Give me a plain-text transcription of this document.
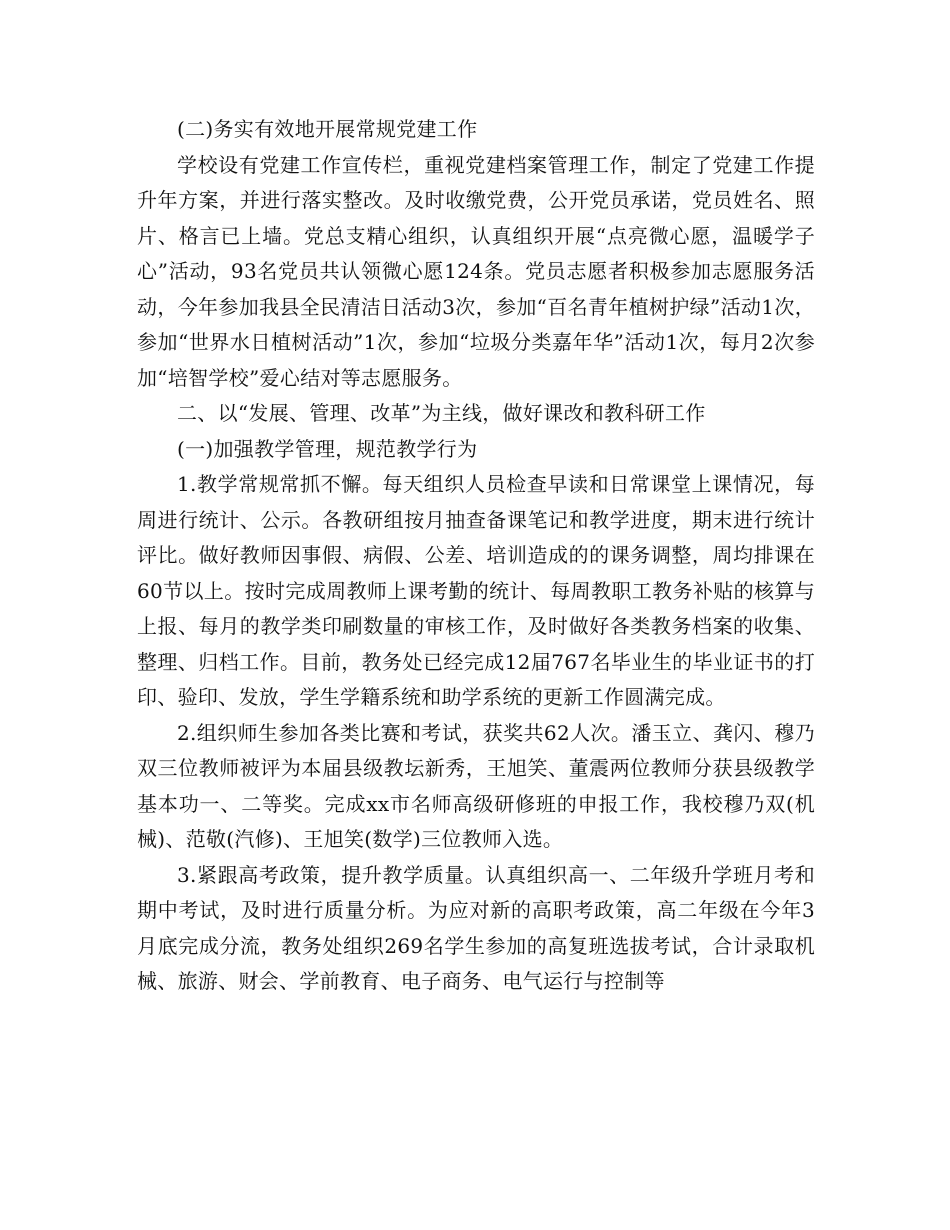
(二)务实有效地开展常规党建工作

学校设有党建工作宣传栏，重视党建档案管理工作，制定了党建工作提升年方案，并进行落实整改。及时收缴党费，公开党员承诺，党员姓名、照片、格言已上墙。党总支精心组织，认真组织开展“点亮微心愿，温暖学子心”活动，93名党员共认领微心愿124条。党员志愿者积极参加志愿服务活动，今年参加我县全民清洁日活动3次，参加“百名青年植树护绿”活动1次，参加“世界水日植树活动”1次，参加“垃圾分类嘉年华”活动1次，每月2次参加“培智学校”爱心结对等志愿服务。

二、以“发展、管理、改革”为主线，做好课改和教科研工作

(一)加强教学管理，规范教学行为

1.教学常规常抓不懈。每天组织人员检查早读和日常课堂上课情况，每周进行统计、公示。各教研组按月抽查备课笔记和教学进度，期末进行统计评比。做好教师因事假、病假、公差、培训造成的的课务调整，周均排课在60节以上。按时完成周教师上课考勤的统计、每周教职工教务补贴的核算与上报、每月的教学类印刷数量的审核工作，及时做好各类教务档案的收集、整理、归档工作。目前，教务处已经完成12届767名毕业生的毕业证书的打印、验印、发放，学生学籍系统和助学系统的更新工作圆满完成。

2.组织师生参加各类比赛和考试，获奖共62人次。潘玉立、龚闪、穆乃双三位教师被评为本届县级教坛新秀，王旭笑、董震两位教师分获县级教学基本功一、二等奖。完成xx市名师高级研修班的申报工作，我校穆乃双(机械)、范敬(汽修)、王旭笑(数学)三位教师入选。

3.紧跟高考政策，提升教学质量。认真组织高一、二年级升学班月考和期中考试，及时进行质量分析。为应对新的高职考政策，高二年级在今年3月底完成分流，教务处组织269名学生参加的高复班选拔考试，合计录取机械、旅游、财会、学前教育、电子商务、电气运行与控制等
